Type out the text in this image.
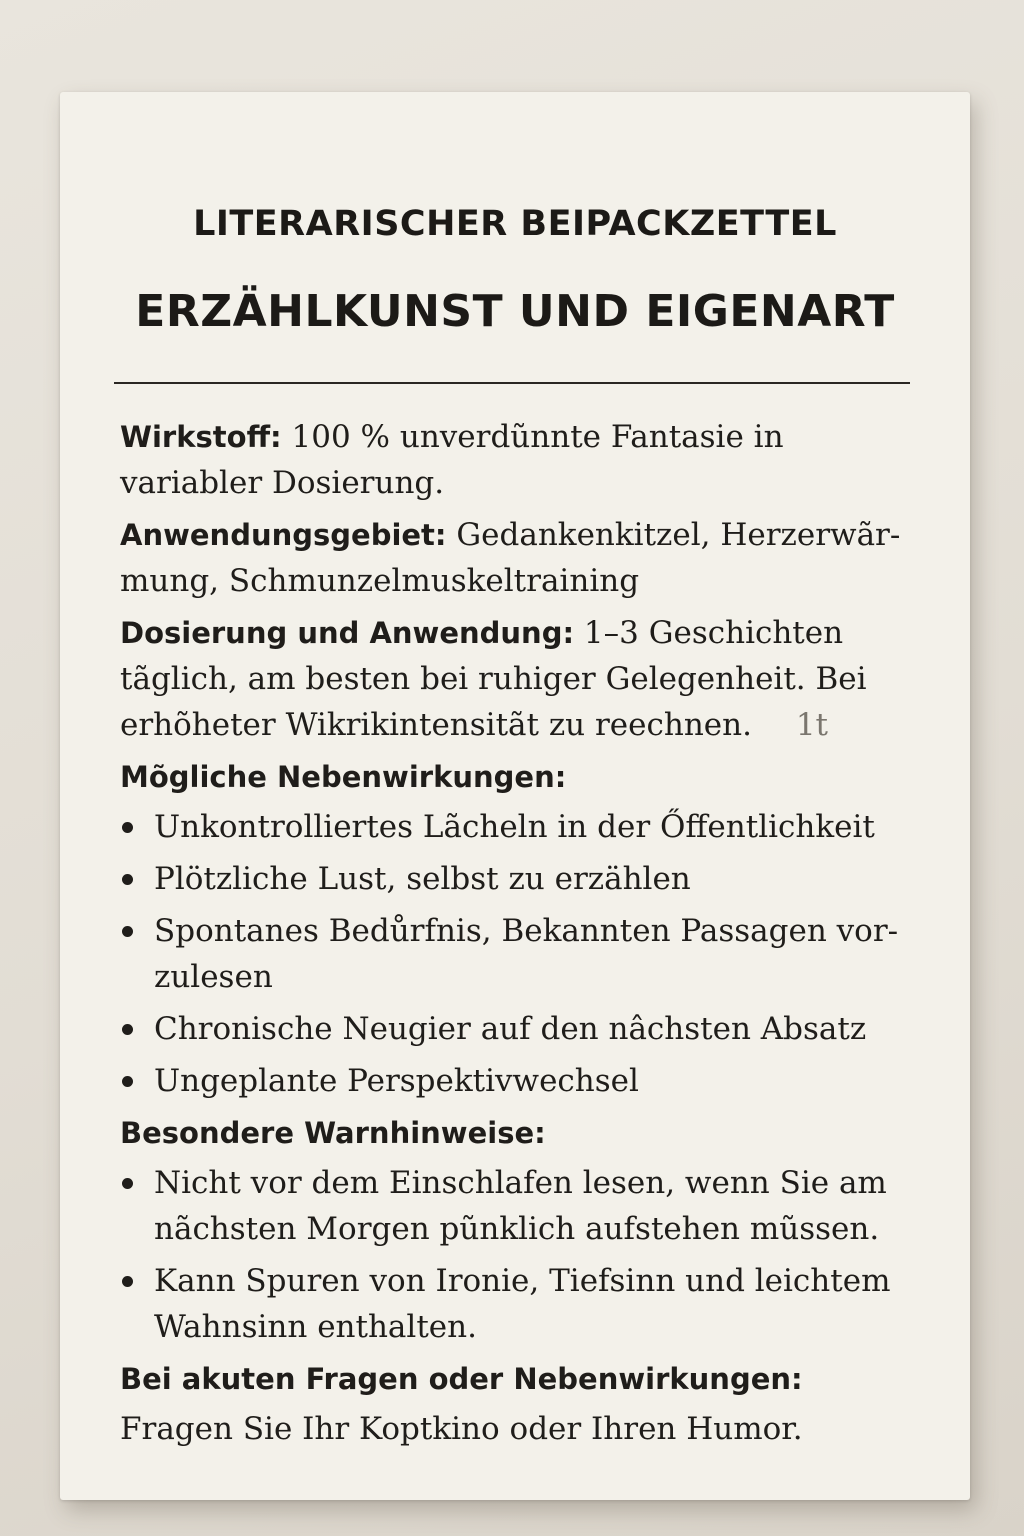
LITERARISCHER BEIPACKZETTEL
ERZÄHLKUNST UND EIGENART

Wirkstoff: 100 % unverdũnnte Fantasie in variabler Dosierung.

Anwendungsgebiet: Gedankenkitzel, Herzerwãr-mung, Schmunzelmuskeltraining

Dosierung und Anwendung: 1–3 Geschichten tãglich, am besten bei ruhiger Gelegenheit. Bei erhõheter Wikrikintensitãt zu reechnen. 1t

Mõgliche Nebenwirkungen:
Unkontrolliertes Lãcheln in der Őffentlichkeit
Plötzliche Lust, selbst zu erzählen
Spontanes Bedůrfnis, Bekannten Passagen vor-zulesen
Chronische Neugier auf den nâchsten Absatz
Ungeplante Perspektivwechsel
Besondere Warnhinweise:
Nicht vor dem Einschlafen lesen, wenn Sie am nãchsten Morgen pũnklich aufstehen mũssen.
Kann Spuren von Ironie, Tiefsinn und leichtem Wahnsinn enthalten.
Bei akuten Fragen oder Nebenwirkungen:
Fragen Sie Ihr Koptkino oder Ihren Humor.
